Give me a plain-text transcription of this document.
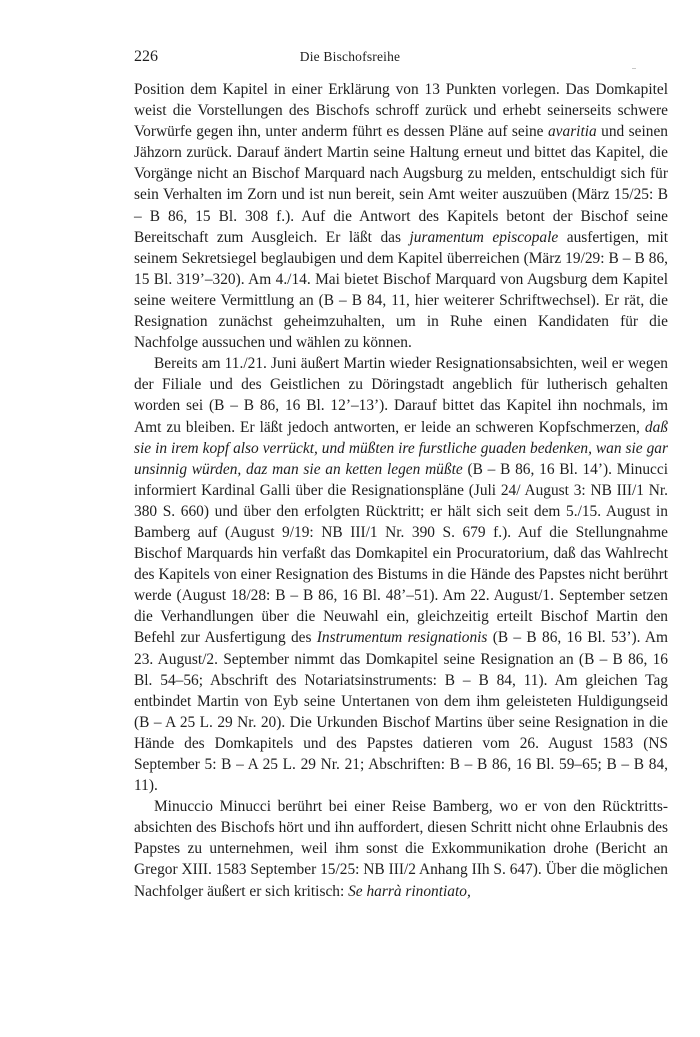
226	Die Bischofsreihe

Position dem Kapitel in einer Erklärung von 13 Punkten vorlegen. Das Domkapitel weist die Vorstellungen des Bischofs schroff zurück und erhebt seinerseits schwere Vorwürfe gegen ihn, unter anderm führt es dessen Pläne auf seine avaritia und seinen Jähzorn zurück. Darauf ändert Martin seine Haltung erneut und bittet das Kapitel, die Vorgänge nicht an Bischof Marquard nach Augsburg zu melden, entschuldigt sich für sein Verhalten im Zorn und ist nun bereit, sein Amt weiter auszuüben (März 15/25: B – B 86, 15 Bl. 308 f.). Auf die Antwort des Kapitels betont der Bischof seine Bereitschaft zum Ausgleich. Er läßt das juramentum episcopale ausfertigen, mit seinem Sekretsiegel beglaubigen und dem Kapitel überreichen (März 19/29: B – B 86, 15 Bl. 319’–320). Am 4./14. Mai bietet Bischof Marquard von Augsburg dem Kapitel seine weitere Vermittlung an (B – B 84, 11, hier weiterer Schriftwechsel). Er rät, die Resignation zunächst geheimzuhalten, um in Ruhe einen Kandidaten für die Nachfolge aussuchen und wählen zu können.

Bereits am 11./21. Juni äußert Martin wieder Resignationsabsichten, weil er wegen der Filiale und des Geistlichen zu Döringstadt angeblich für lutherisch gehalten worden sei (B – B 86, 16 Bl. 12’–13’). Darauf bittet das Kapitel ihn nochmals, im Amt zu bleiben. Er läßt jedoch antworten, er leide an schweren Kopfschmerzen, daß sie in irem kopf also verrückt, und müßten ire furstliche guaden bedenken, wan sie gar unsinnig würden, daz man sie an ketten legen müßte (B – B 86, 16 Bl. 14’). Minucci informiert Kardinal Galli über die Resignationspläne (Juli 24/ August 3: NB III/1 Nr. 380 S. 660) und über den erfolgten Rücktritt; er hält sich seit dem 5./15. August in Bamberg auf (August 9/19: NB III/1 Nr. 390 S. 679 f.). Auf die Stellungnahme Bischof Marquards hin verfaßt das Domkapitel ein Procuratorium, daß das Wahlrecht des Kapitels von einer Resignation des Bistums in die Hände des Papstes nicht berührt werde (August 18/28: B – B 86, 16 Bl. 48’–51). Am 22. August/1. September setzen die Verhandlungen über die Neuwahl ein, gleichzeitig erteilt Bischof Martin den Befehl zur Ausfertigung des Instrumentum resignationis (B – B 86, 16 Bl. 53’). Am 23. August/2. September nimmt das Domkapitel seine Resignation an (B – B 86, 16 Bl. 54–56; Abschrift des Notariatsinstruments: B – B 84, 11). Am gleichen Tag entbindet Martin von Eyb seine Untertanen von dem ihm geleisteten Huldigungseid (B – A 25 L. 29 Nr. 20). Die Urkunden Bischof Martins über seine Resignation in die Hände des Domkapitels und des Papstes datieren vom 26. August 1583 (NS September 5: B – A 25 L. 29 Nr. 21; Abschriften: B – B 86, 16 Bl. 59–65; B – B 84, 11).

Minuccio Minucci berührt bei einer Reise Bamberg, wo er von den Rücktrittsabsichten des Bischofs hört und ihn auffordert, diesen Schritt nicht ohne Erlaubnis des Papstes zu unternehmen, weil ihm sonst die Exkommunikation drohe (Bericht an Gregor XIII. 1583 September 15/25: NB III/2 Anhang IIh S. 647). Über die möglichen Nachfolger äußert er sich kritisch: Se harrà rinontiato,
